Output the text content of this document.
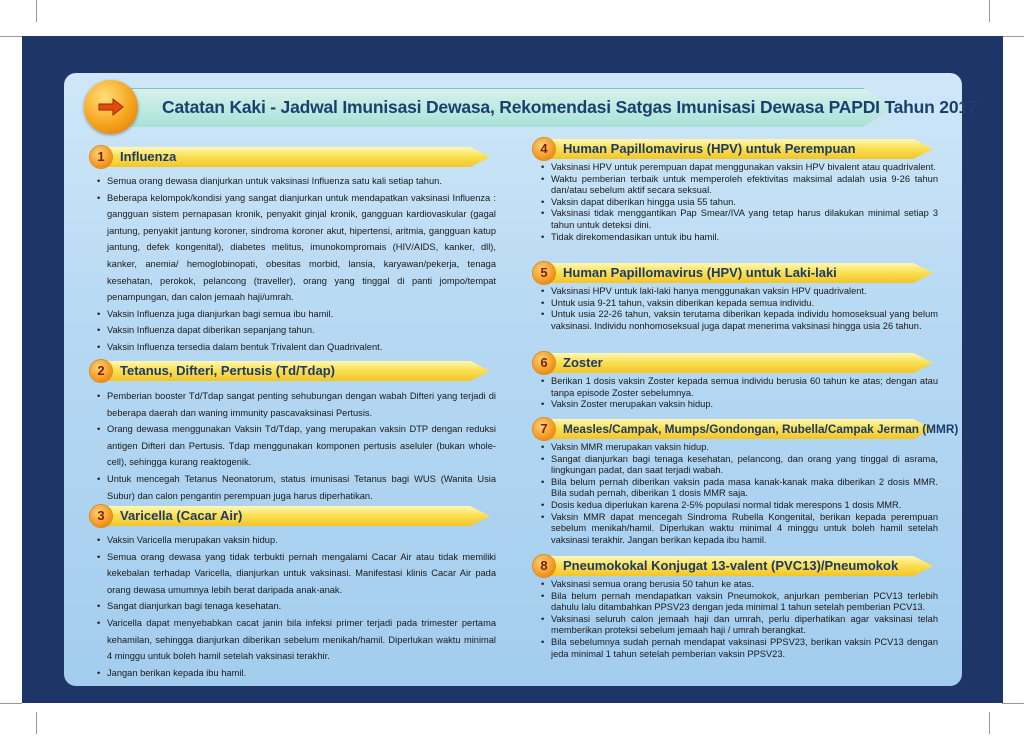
Catatan Kaki - Jadwal Imunisasi Dewasa, Rekomendasi Satgas Imunisasi Dewasa PAPDI Tahun 2017
1	Influenza
• Semua orang dewasa dianjurkan untuk vaksinasi Influenza satu kali setiap tahun.
• Beberapa kelompok/kondisi yang sangat dianjurkan untuk mendapatkan vaksinasi Influenza : gangguan sistem pernapasan kronik, penyakit ginjal kronik, gangguan kardiovaskular (gagal jantung, penyakit jantung koroner, sindroma koroner akut, hipertensi, aritmia, gangguan katup jantung, defek kongenital), diabetes melitus, imunokompromais (HIV/AIDS, kanker, dll), kanker, anemia/ hemoglobinopati, obesitas morbid, lansia, karyawan/pekerja, tenaga kesehatan, perokok, pelancong (traveller), orang yang tinggal di panti jompo/tempat penampungan, dan calon jemaah haji/umrah.
• Vaksin Influenza juga dianjurkan bagi semua ibu hamil.
• Vaksin Influenza dapat diberikan sepanjang tahun.
• Vaksin Influenza tersedia dalam bentuk Trivalent dan Quadrivalent.
2	Tetanus, Difteri, Pertusis (Td/Tdap)
• Pemberian booster Td/Tdap sangat penting sehubungan dengan wabah Difteri yang terjadi di beberapa daerah dan waning immunity pascavaksinasi Pertusis.
• Orang dewasa menggunakan Vaksin Td/Tdap, yang merupakan vaksin DTP dengan reduksi antigen Difteri dan Pertusis. Tdap menggunakan komponen pertusis aseluler (bukan whole-cell), sehingga kurang reaktogenik.
• Untuk mencegah Tetanus Neonatorum, status imunisasi Tetanus bagi WUS (Wanita Usia Subur) dan calon pengantin perempuan juga harus diperhatikan.
3	Varicella (Cacar Air)
• Vaksin Varicella merupakan vaksin hidup.
• Semua orang dewasa yang tidak terbukti pernah mengalami Cacar Air atau tidak memiliki kekebalan terhadap Varicella, dianjurkan untuk vaksinasi. Manifestasi klinis Cacar Air pada orang dewasa umumnya lebih berat daripada anak-anak.
• Sangat dianjurkan bagi tenaga kesehatan.
• Varicella dapat menyebabkan cacat janin bila infeksi primer terjadi pada trimester pertama kehamilan, sehingga dianjurkan diberikan sebelum menikah/hamil. Diperlukan waktu minimal 4 minggu untuk boleh hamil setelah vaksinasi terakhir.
• Jangan berikan kepada ibu hamil.
4	Human Papillomavirus (HPV) untuk Perempuan
• Vaksinasi HPV untuk perempuan dapat menggunakan vaksin HPV bivalent atau quadrivalent.
• Waktu pemberian terbaik untuk memperoleh efektivitas maksimal adalah usia 9-26 tahun dan/atau sebelum aktif secara seksual.
• Vaksin dapat diberikan hingga usia 55 tahun.
• Vaksinasi tidak menggantikan Pap Smear/IVA yang tetap harus dilakukan minimal setiap 3 tahun untuk deteksi dini.
• Tidak direkomendasikan untuk ibu hamil.
5	Human Papillomavirus (HPV) untuk Laki-laki
• Vaksinasi HPV untuk laki-laki hanya menggunakan vaksin HPV quadrivalent.
• Untuk usia 9-21 tahun, vaksin diberikan kepada semua individu.
• Untuk usia 22-26 tahun, vaksin terutama diberikan kepada individu homoseksual yang belum vaksinasi. Individu nonhomoseksual juga dapat menerima vaksinasi hingga usia 26 tahun.
6	Zoster
• Berikan 1 dosis vaksin Zoster kepada semua individu berusia 60 tahun ke atas; dengan atau tanpa episode Zoster sebelumnya.
• Vaksin Zoster merupakan vaksin hidup.
7	Measles/Campak, Mumps/Gondongan, Rubella/Campak Jerman (MMR)
• Vaksin MMR merupakan vaksin hidup.
• Sangat dianjurkan bagi tenaga kesehatan, pelancong, dan orang yang tinggal di asrama, lingkungan padat, dan saat terjadi wabah.
• Bila belum pernah diberikan vaksin pada masa kanak-kanak maka diberikan 2 dosis MMR. Bila sudah pernah, diberikan 1 dosis MMR saja.
• Dosis kedua diperlukan karena 2-5% populasi normal tidak merespons 1 dosis MMR.
• Vaksin MMR dapat mencegah Sindroma Rubella Kongenital, berikan kepada perempuan sebelum menikah/hamil. Diperlukan waktu minimal 4 minggu untuk boleh hamil setelah vaksinasi terakhir. Jangan berikan kepada ibu hamil.
8	Pneumokokal Konjugat 13-valent (PVC13)/Pneumokok
• Vaksinasi semua orang berusia 50 tahun ke atas.
• Bila belum pernah mendapatkan vaksin Pneumokok, anjurkan pemberian PCV13 terlebih dahulu lalu ditambahkan PPSV23 dengan jeda minimal 1 tahun setelah pemberian PCV13.
• Vaksinasi seluruh calon jemaah haji dan umrah, perlu diperhatikan agar vaksinasi telah memberikan proteksi sebelum jemaah haji / umrah berangkat.
• Bila sebelumnya sudah pernah mendapat vaksinasi PPSV23, berikan vaksin PCV13 dengan jeda minimal 1 tahun setelah pemberian vaksin PPSV23.
